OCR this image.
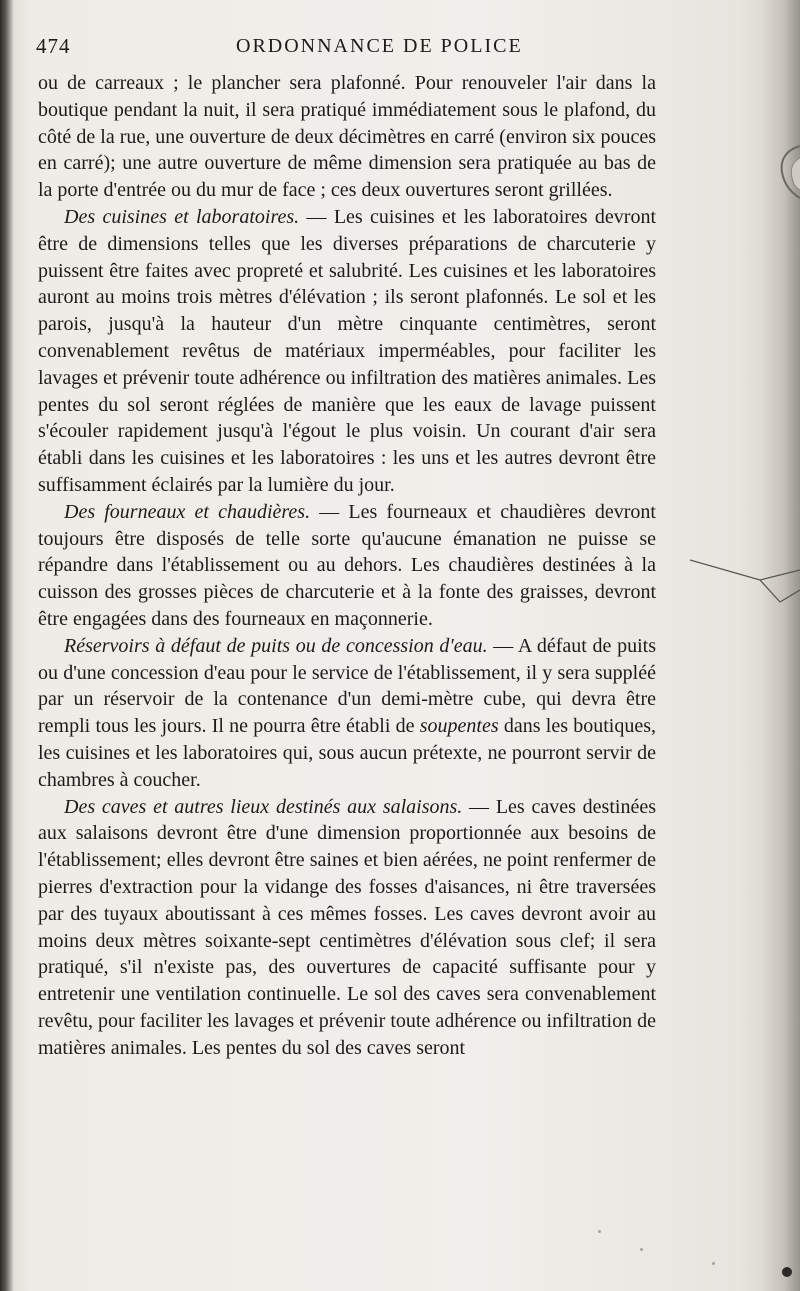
474	ORDONNANCE DE POLICE

ou de carreaux ; le plancher sera plafonné. Pour renouveler l'air dans la boutique pendant la nuit, il sera pratiqué immédiatement sous le plafond, du côté de la rue, une ouverture de deux décimètres en carré (environ six pouces en carré); une autre ouverture de même dimension sera pratiquée au bas de la porte d'entrée ou du mur de face ; ces deux ouvertures seront grillées.

Des cuisines et laboratoires. — Les cuisines et les laboratoires devront être de dimensions telles que les diverses préparations de charcuterie y puissent être faites avec propreté et salubrité. Les cuisines et les laboratoires auront au moins trois mètres d'élévation ; ils seront plafonnés. Le sol et les parois, jusqu'à la hauteur d'un mètre cinquante centimètres, seront convenablement revêtus de matériaux imperméables, pour faciliter les lavages et prévenir toute adhérence ou infiltration des matières animales. Les pentes du sol seront réglées de manière que les eaux de lavage puissent s'écouler rapidement jusqu'à l'égout le plus voisin. Un courant d'air sera établi dans les cuisines et les laboratoires : les uns et les autres devront être suffisamment éclairés par la lumière du jour.

Des fourneaux et chaudières. — Les fourneaux et chaudières devront toujours être disposés de telle sorte qu'aucune émanation ne puisse se répandre dans l'établissement ou au dehors. Les chaudières destinées à la cuisson des grosses pièces de charcuterie et à la fonte des graisses, devront être engagées dans des fourneaux en maçonnerie.

Réservoirs à défaut de puits ou de concession d'eau. — A défaut de puits ou d'une concession d'eau pour le service de l'établissement, il y sera suppléé par un réservoir de la contenance d'un demi-mètre cube, qui devra être rempli tous les jours. Il ne pourra être établi de soupentes dans les boutiques, les cuisines et les laboratoires qui, sous aucun prétexte, ne pourront servir de chambres à coucher.

Des caves et autres lieux destinés aux salaisons. — Les caves destinées aux salaisons devront être d'une dimension proportionnée aux besoins de l'établissement; elles devront être saines et bien aérées, ne point renfermer de pierres d'extraction pour la vidange des fosses d'aisances, ni être traversées par des tuyaux aboutissant à ces mêmes fosses. Les caves devront avoir au moins deux mètres soixante-sept centimètres d'élévation sous clef; il sera pratiqué, s'il n'existe pas, des ouvertures de capacité suffisante pour y entretenir une ventilation continuelle. Le sol des caves sera convenablement revêtu, pour faciliter les lavages et prévenir toute adhérence ou infiltration de matières animales. Les pentes du sol des caves seront
